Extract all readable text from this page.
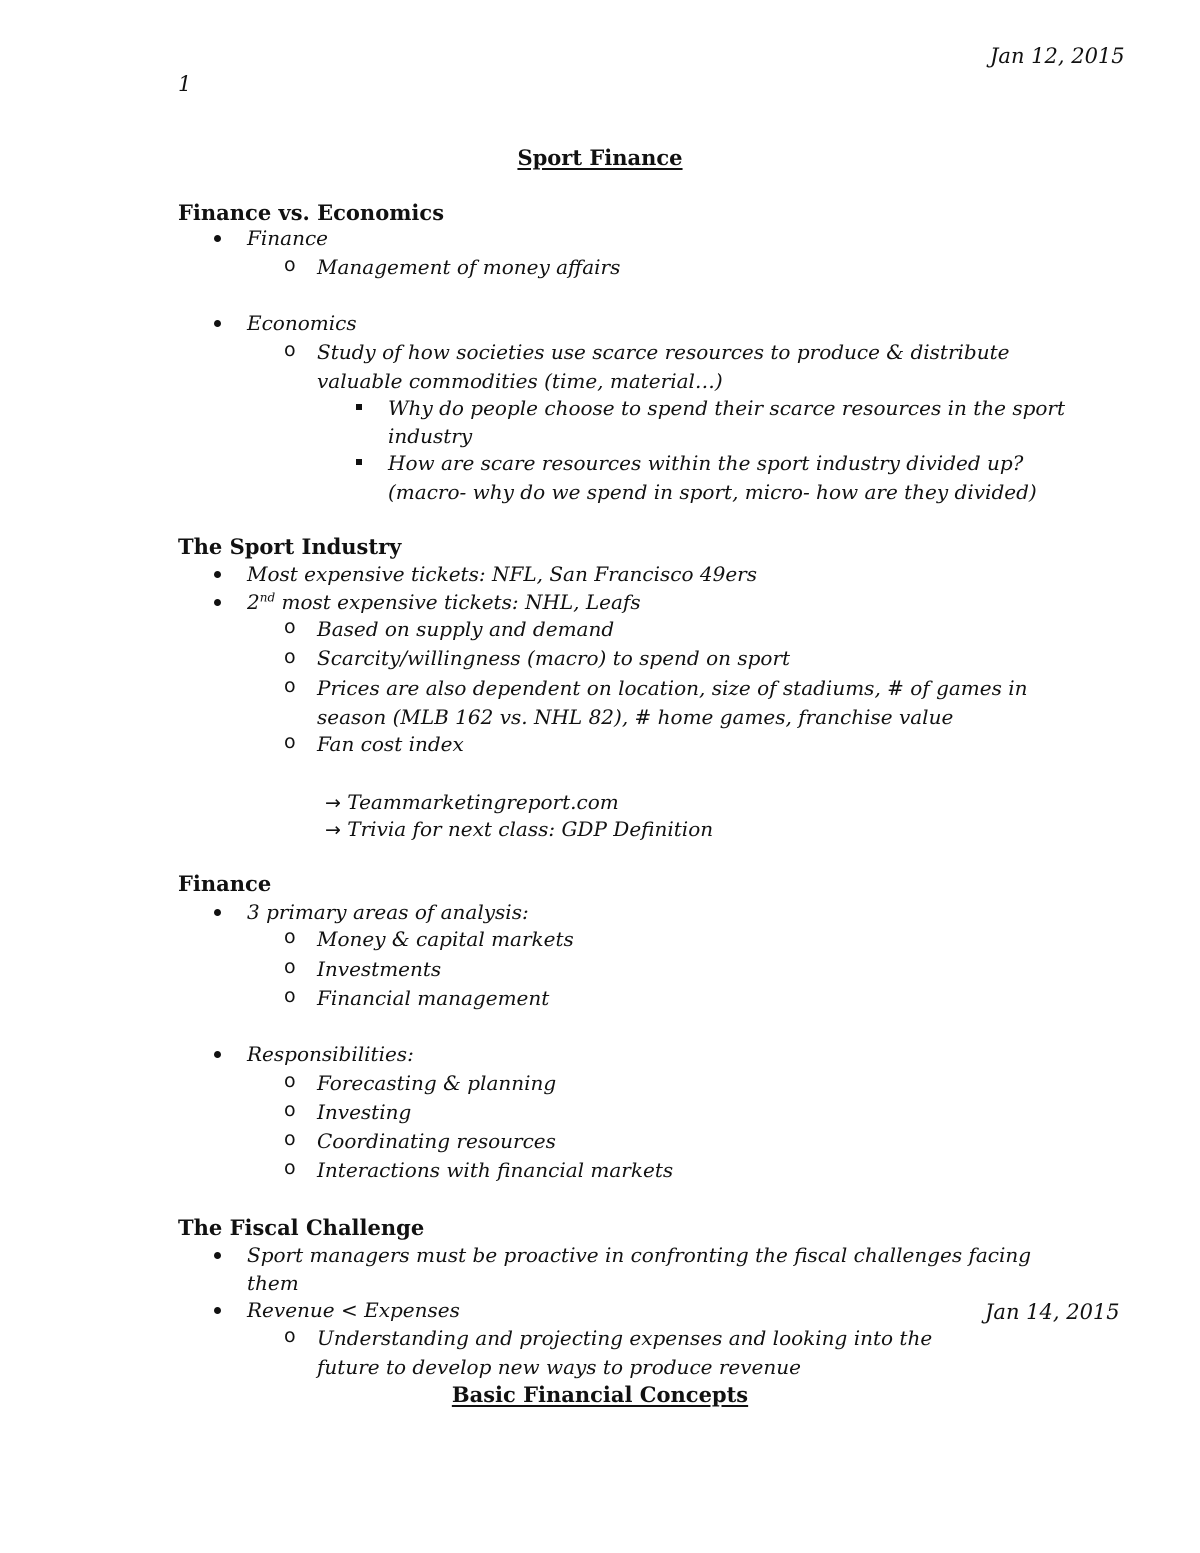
Jan 12, 2015
1
Sport Finance
Finance vs. Economics
Finance
o Management of money affairs
Economics
o Study of how societies use scarce resources to produce & distribute
valuable commodities (time, material…)
Why do people choose to spend their scarce resources in the sport
industry
How are scare resources within the sport industry divided up?
(macro- why do we spend in sport, micro- how are they divided)
The Sport Industry
Most expensive tickets: NFL, San Francisco 49ers
2nd most expensive tickets: NHL, Leafs
o Based on supply and demand
o Scarcity/willingness (macro) to spend on sport
o Prices are also dependent on location, size of stadiums, # of games in
season (MLB 162 vs. NHL 82), # home games, franchise value
o Fan cost index
→ Teammarketingreport.com
→ Trivia for next class: GDP Definition
Finance
3 primary areas of analysis:
o Money & capital markets
o Investments
o Financial management
Responsibilities:
o Forecasting & planning
o Investing
o Coordinating resources
o Interactions with financial markets
The Fiscal Challenge
Sport managers must be proactive in confronting the fiscal challenges facing
them
Revenue < Expenses	Jan 14, 2015
o Understanding and projecting expenses and looking into the
future to develop new ways to produce revenue
Basic Financial Concepts
